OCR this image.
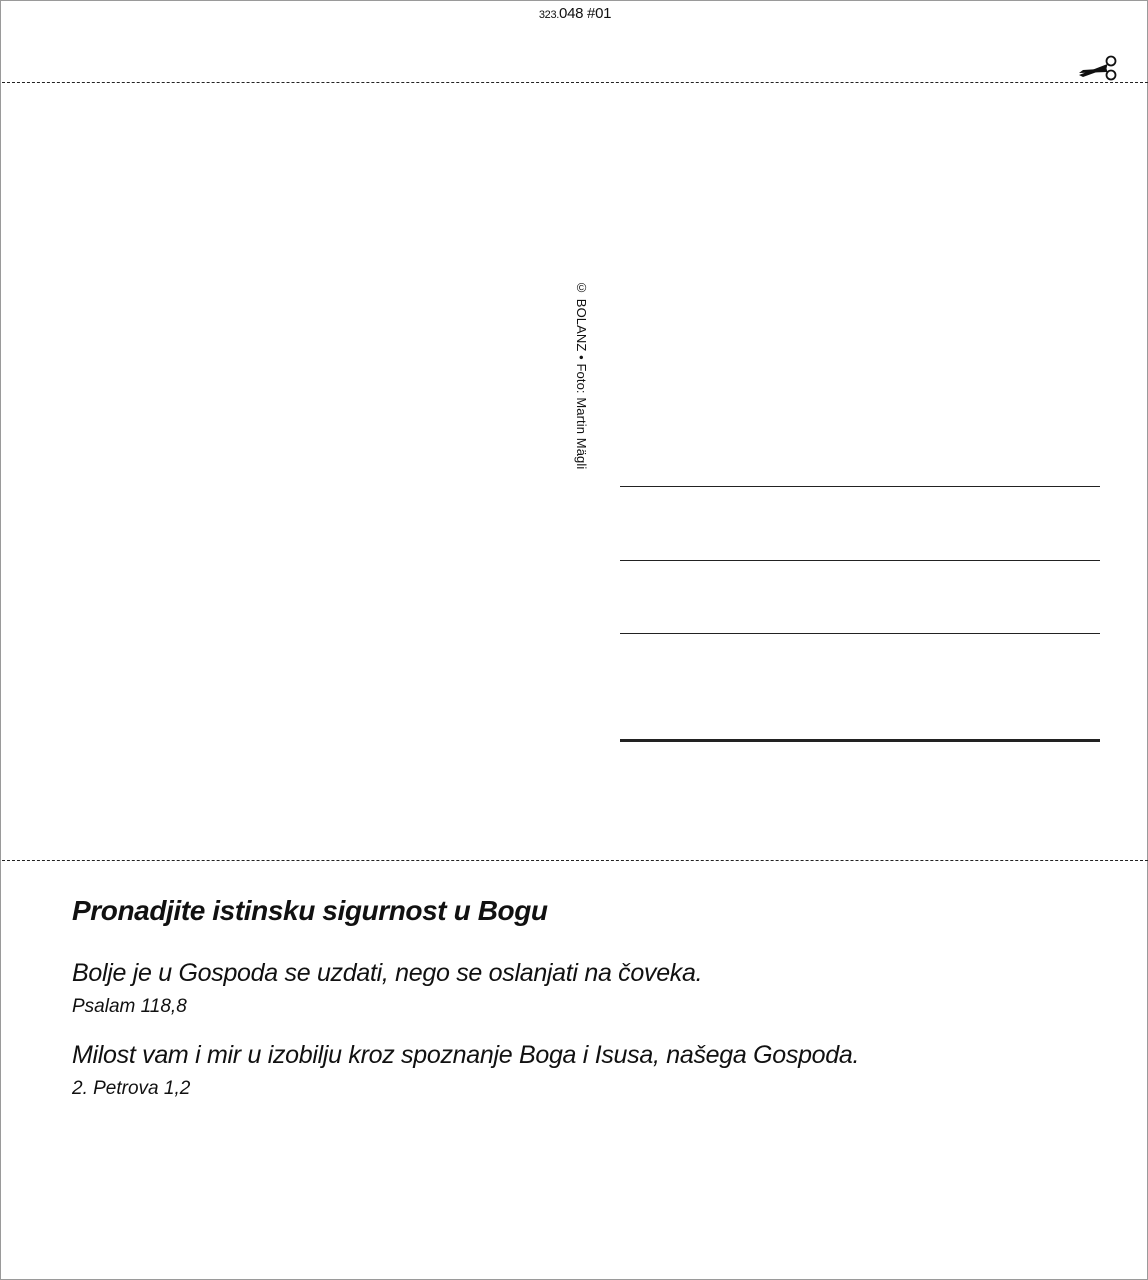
323.048 #01
© BOLANZ • Foto: Martin Mägli
Pronadjite istinsku sigurnost u Bogu

Bolje je u Gospoda se uzdati, nego se oslanjati na čoveka.

Psalam 118,8

Milost vam i mir u izobilju kroz spoznanje Boga i Isusa, našega Gospoda.

2. Petrova 1,2
